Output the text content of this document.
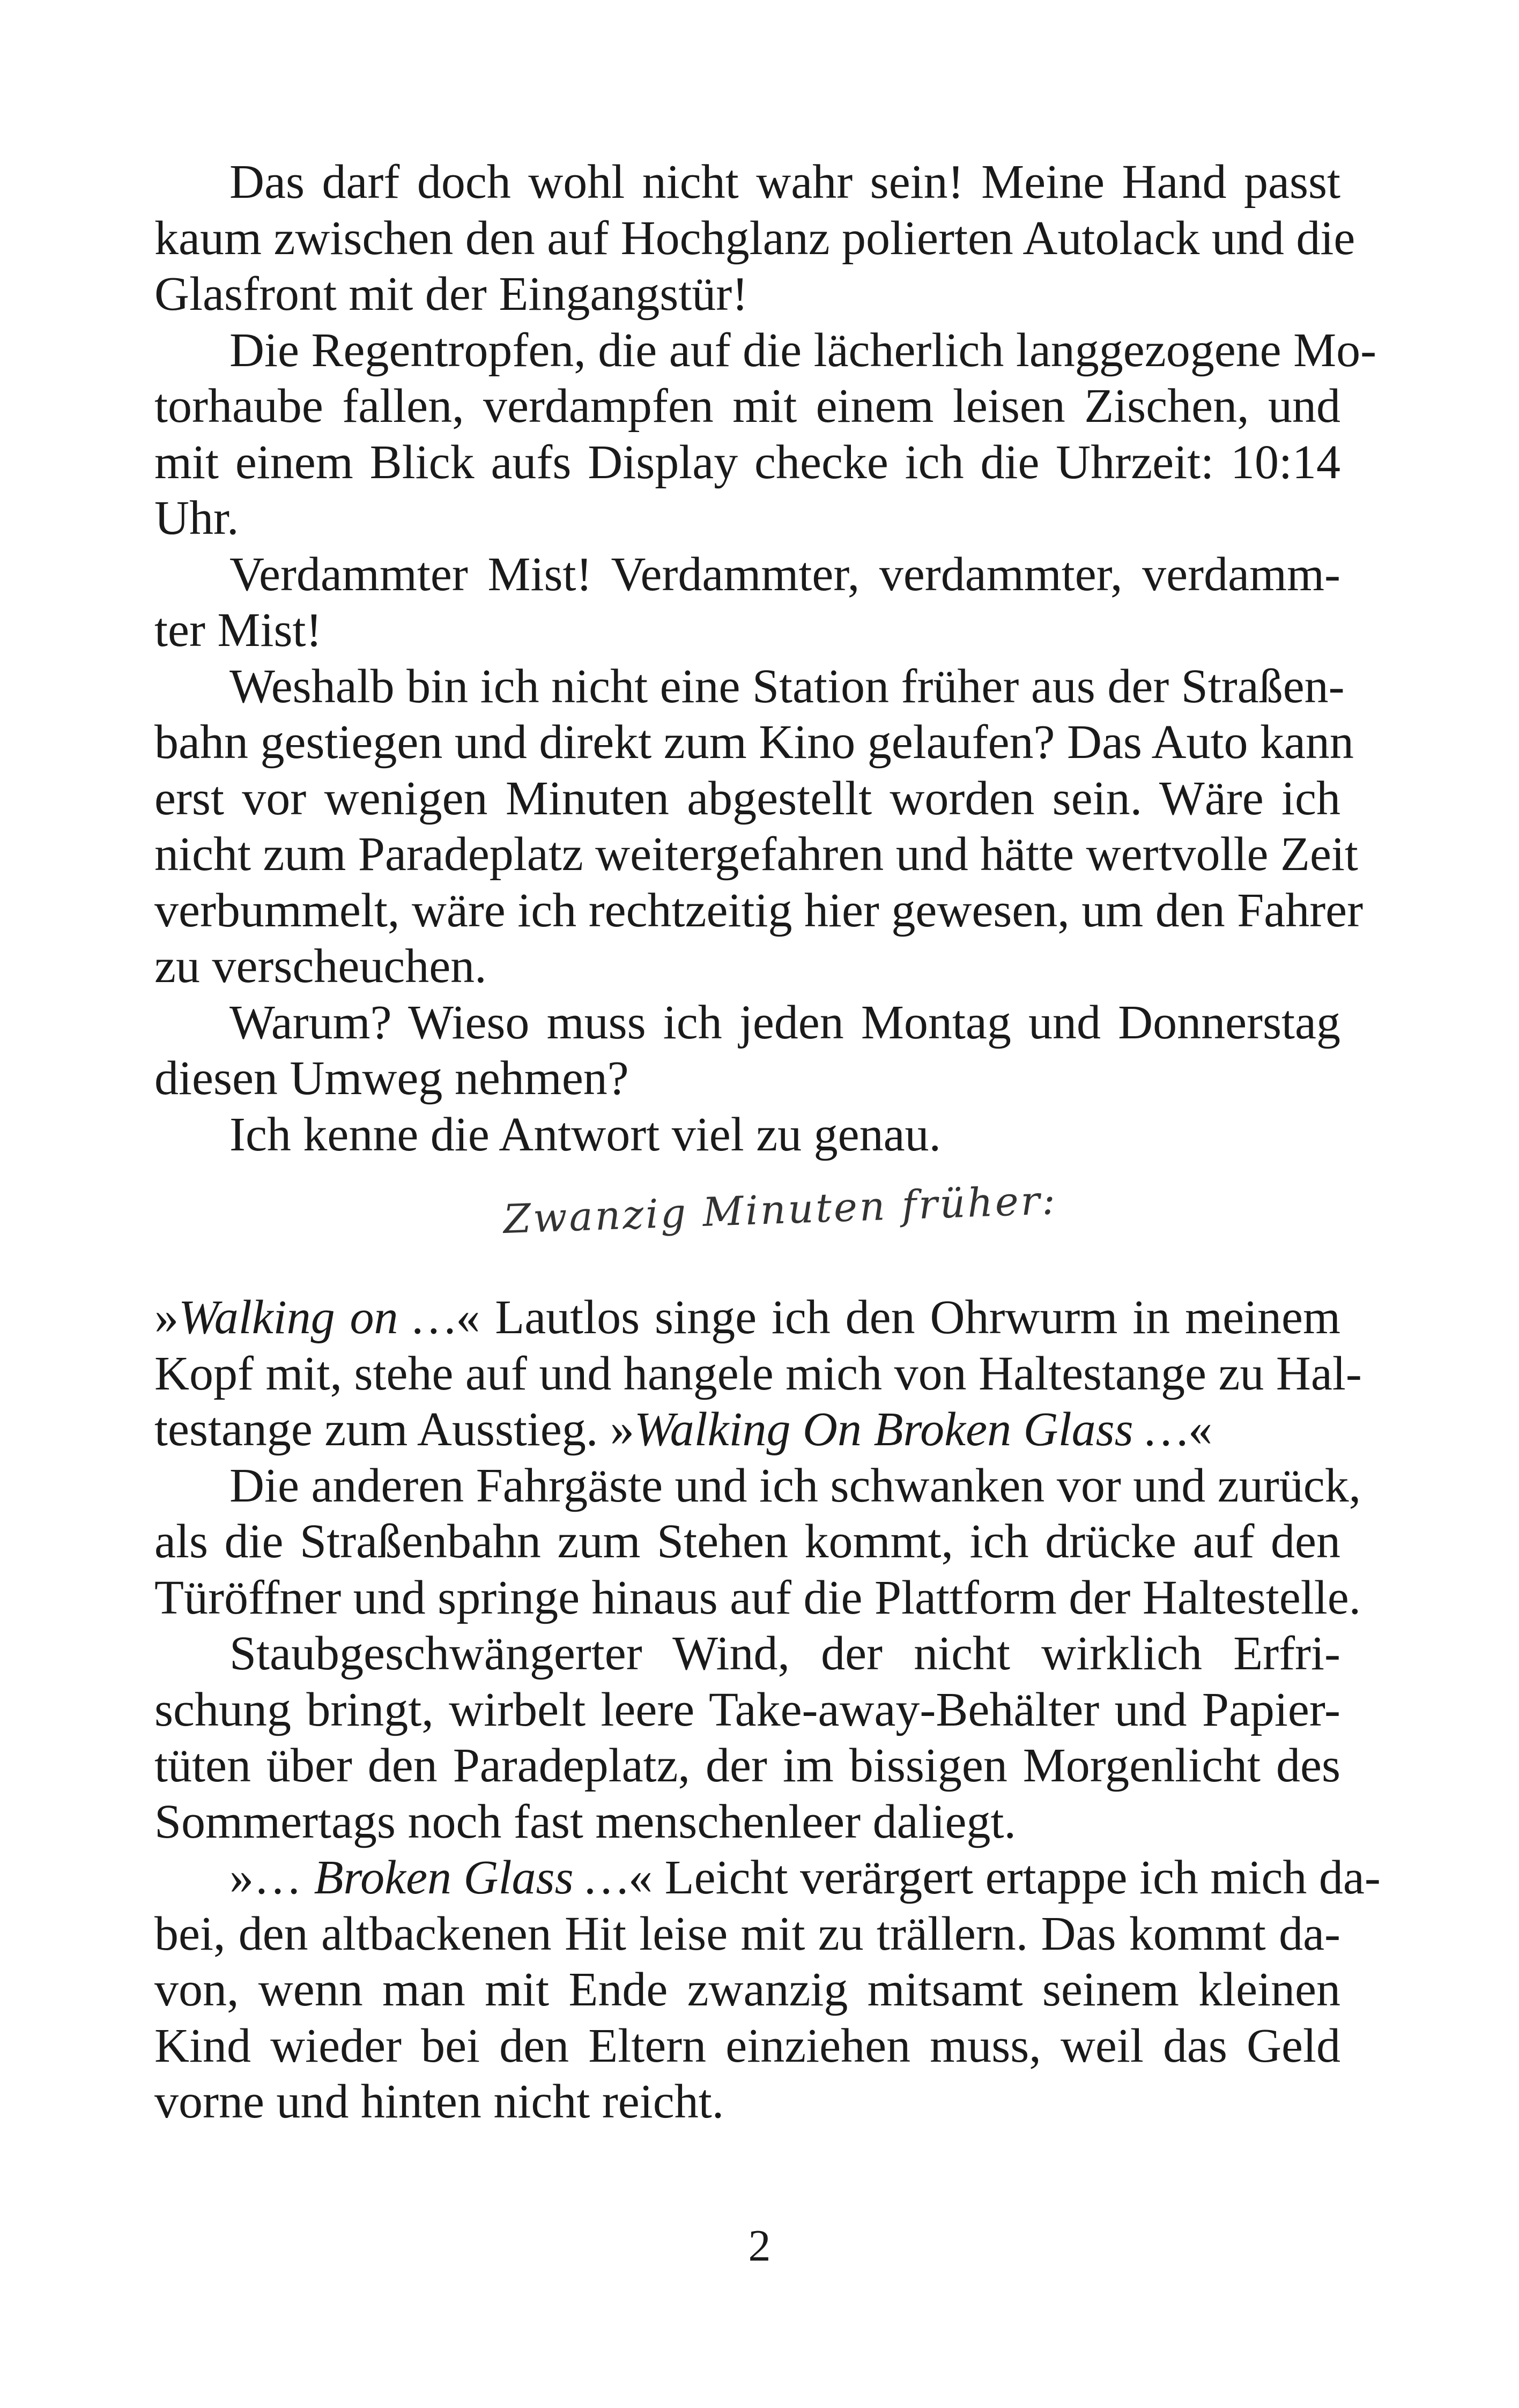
Das darf doch wohl nicht wahr sein! Meine Hand passt
kaum zwischen den auf Hochglanz polierten Autolack und die
Glasfront mit der Eingangstür!
Die Regentropfen, die auf die lächerlich langgezogene Mo-
torhaube fallen, verdampfen mit einem leisen Zischen, und
mit einem Blick aufs Display checke ich die Uhrzeit: 10:14
Uhr.
Verdammter Mist! Verdammter, verdammter, verdamm-
ter Mist!
Weshalb bin ich nicht eine Station früher aus der Straßen-
bahn gestiegen und direkt zum Kino gelaufen? Das Auto kann
erst vor wenigen Minuten abgestellt worden sein. Wäre ich
nicht zum Paradeplatz weitergefahren und hätte wertvolle Zeit
verbummelt, wäre ich rechtzeitig hier gewesen, um den Fahrer
zu verscheuchen.
Warum? Wieso muss ich jeden Montag und Donnerstag
diesen Umweg nehmen?
Ich kenne die Antwort viel zu genau.
Zwanzig Minuten früher:
»Walking on …« Lautlos singe ich den Ohrwurm in meinem
Kopf mit, stehe auf und hangele mich von Haltestange zu Hal-
testange zum Ausstieg. »Walking On Broken Glass …«
Die anderen Fahrgäste und ich schwanken vor und zurück,
als die Straßenbahn zum Stehen kommt, ich drücke auf den
Türöffner und springe hinaus auf die Plattform der Haltestelle.
Staubgeschwängerter Wind, der nicht wirklich Erfri-
schung bringt, wirbelt leere Take-away-Behälter und Papier-
tüten über den Paradeplatz, der im bissigen Morgenlicht des
Sommertags noch fast menschenleer daliegt.
»… Broken Glass …« Leicht verärgert ertappe ich mich da-
bei, den altbackenen Hit leise mit zu trällern. Das kommt da-
von, wenn man mit Ende zwanzig mitsamt seinem kleinen
Kind wieder bei den Eltern einziehen muss, weil das Geld
vorne und hinten nicht reicht.
2
